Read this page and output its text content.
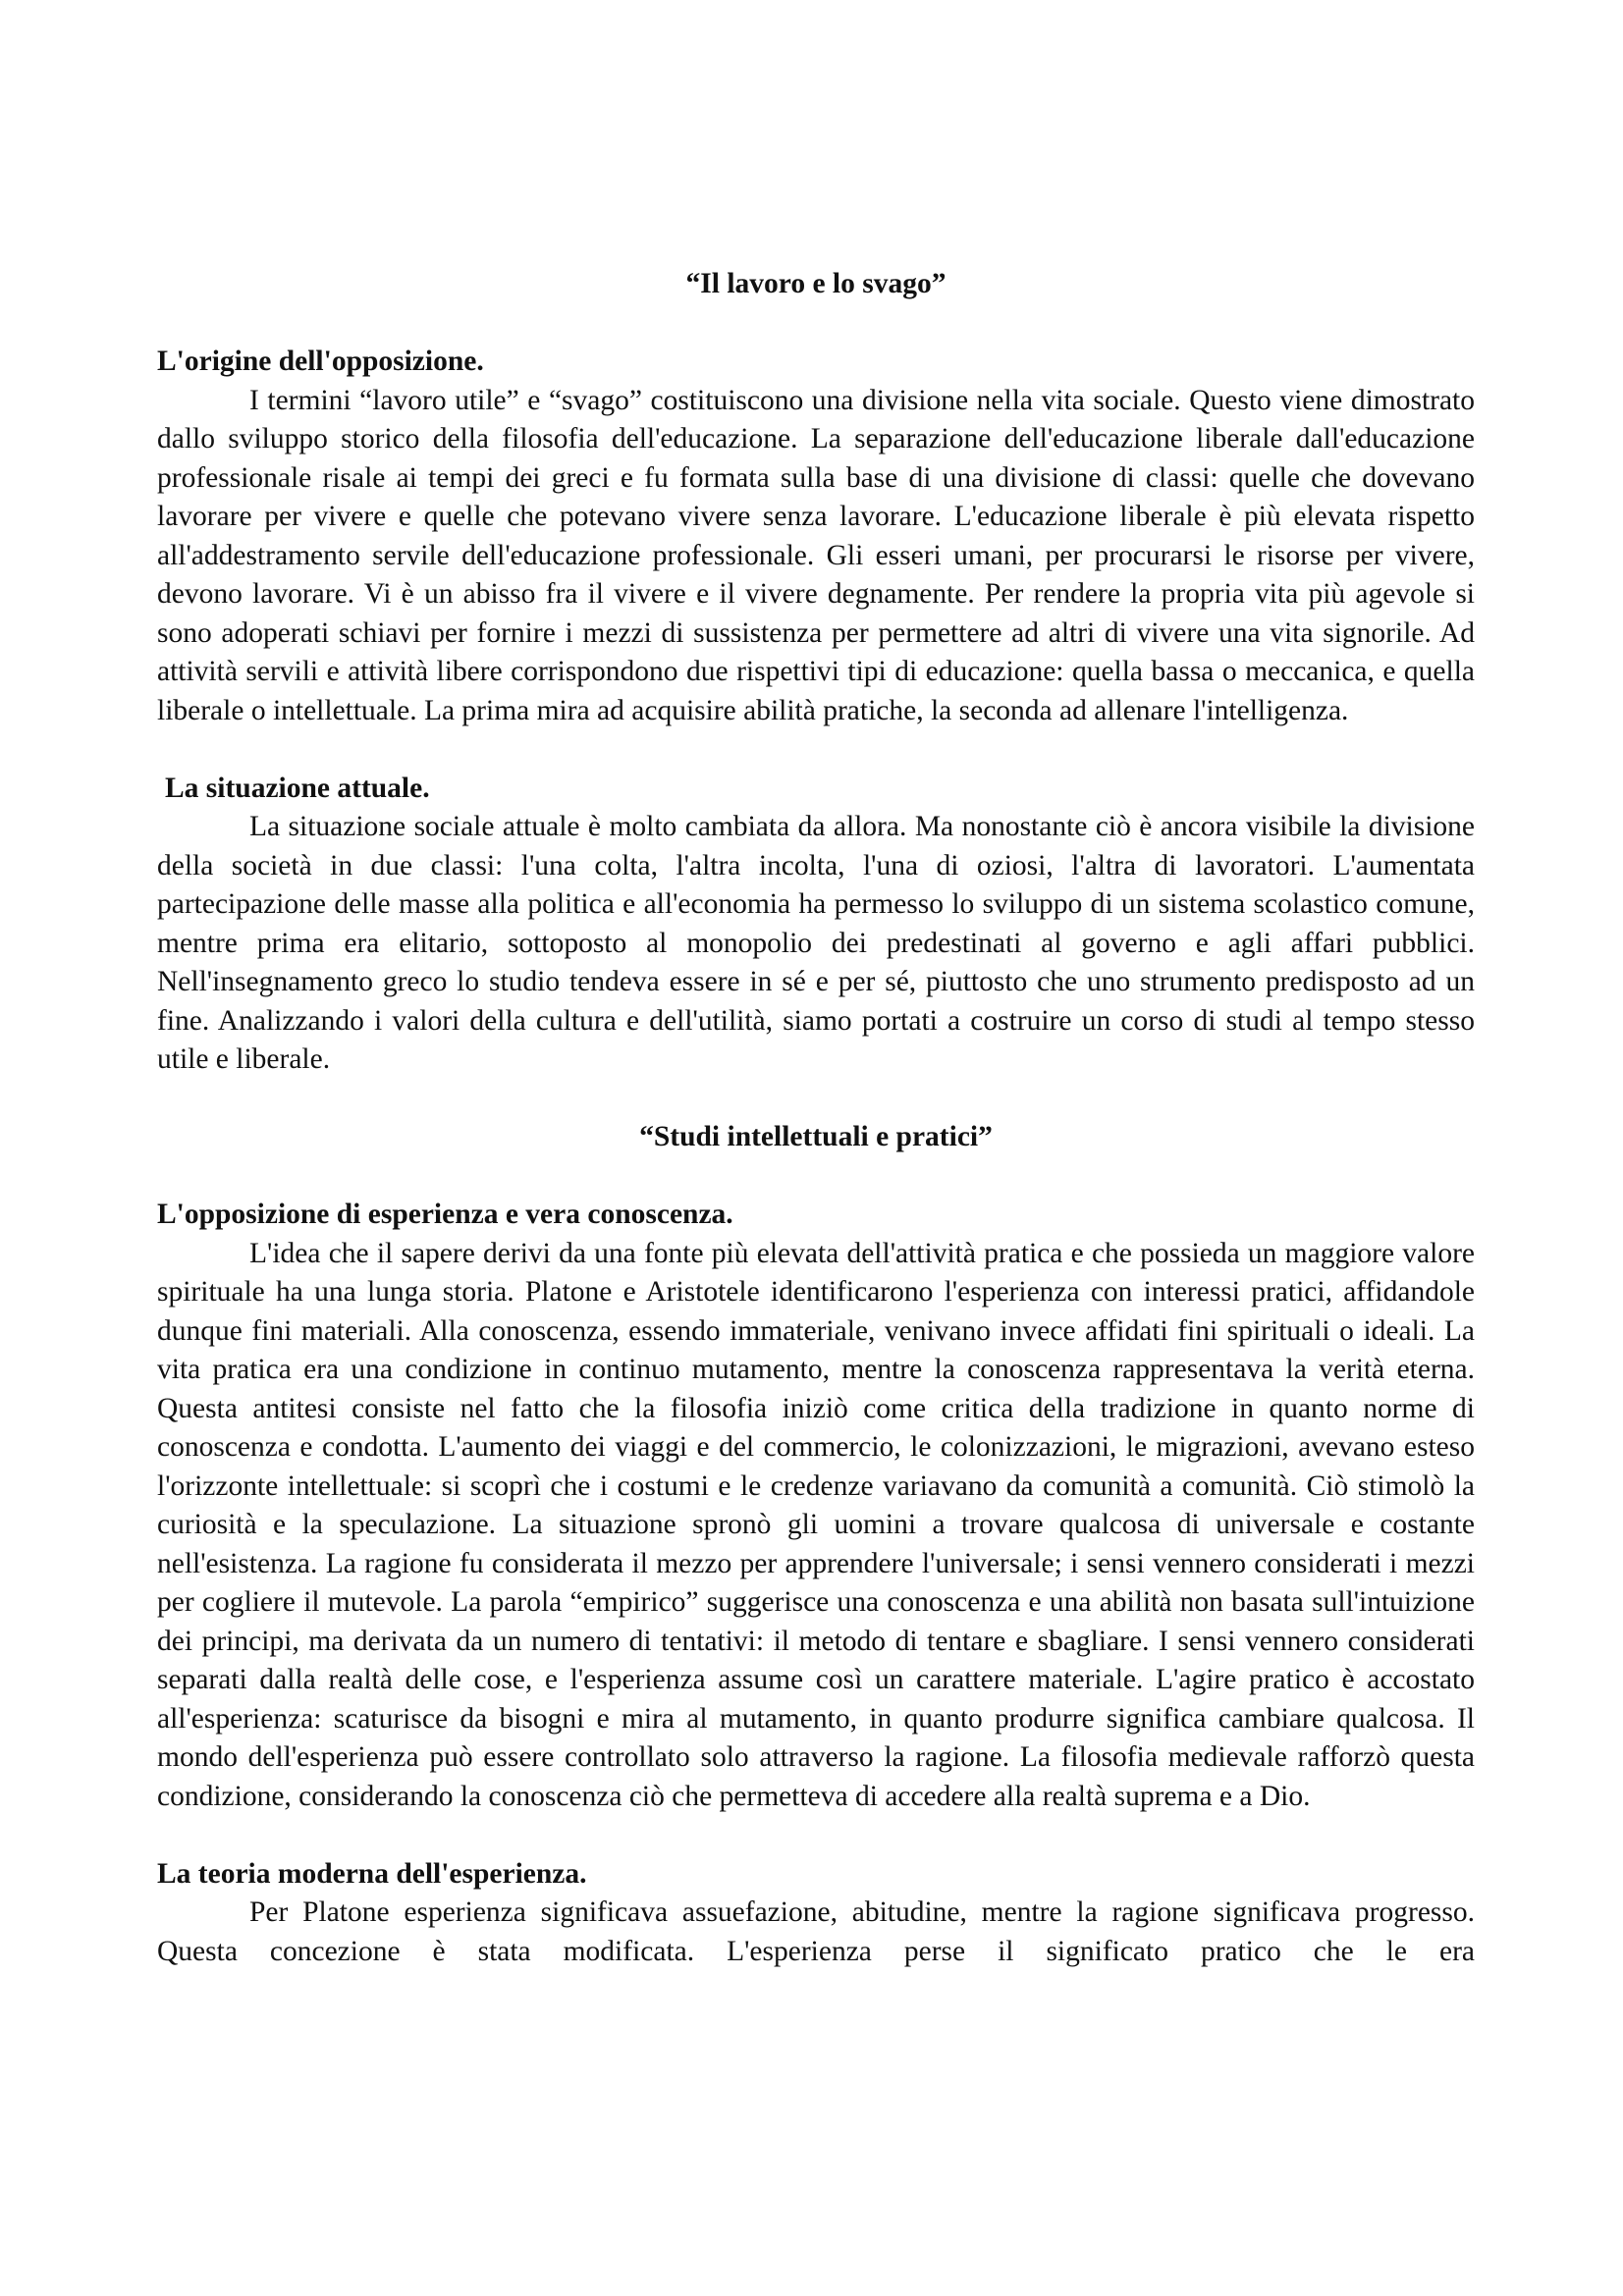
“Il lavoro e lo svago”

L'origine dell'opposizione.

I termini “lavoro utile” e “svago” costituiscono una divisione nella vita sociale. Questo viene dimostrato dallo sviluppo storico della filosofia dell'educazione. La separazione dell'educazione liberale dall'educazione professionale risale ai tempi dei greci e fu formata sulla base di una divisione di classi: quelle che dovevano lavorare per vivere e quelle che potevano vivere senza lavorare. L'educazione liberale è più elevata rispetto all'addestramento servile dell'educazione professionale. Gli esseri umani, per procurarsi le risorse per vivere, devono lavorare. Vi è un abisso fra il vivere e il vivere degnamente. Per rendere la propria vita più agevole si sono adoperati schiavi per fornire i mezzi di sussistenza per permettere ad altri di vivere una vita signorile. Ad attività servili e attività libere corrispondono due rispettivi tipi di educazione: quella bassa o meccanica, e quella liberale o intellettuale. La prima mira ad acquisire abilità pratiche, la seconda ad allenare l'intelligenza.

La situazione attuale.

La situazione sociale attuale è molto cambiata da allora. Ma nonostante ciò è ancora visibile la divisione della società in due classi: l'una colta, l'altra incolta, l'una di oziosi, l'altra di lavoratori. L'aumentata partecipazione delle masse alla politica e all'economia ha permesso lo sviluppo di un sistema scolastico comune, mentre prima era elitario, sottoposto al monopolio dei predestinati al governo e agli affari pubblici. Nell'insegnamento greco lo studio tendeva essere in sé e per sé, piuttosto che uno strumento predisposto ad un fine. Analizzando i valori della cultura e dell'utilità, siamo portati a costruire un corso di studi al tempo stesso utile e liberale.

“Studi intellettuali e pratici”

L'opposizione di esperienza e vera conoscenza.

L'idea che il sapere derivi da una fonte più elevata dell'attività pratica e che possieda un maggiore valore spirituale ha una lunga storia. Platone e Aristotele identificarono l'esperienza con interessi pratici, affidandole dunque fini materiali. Alla conoscenza, essendo immateriale, venivano invece affidati fini spirituali o ideali. La vita pratica era una condizione in continuo mutamento, mentre la conoscenza rappresentava la verità eterna. Questa antitesi consiste nel fatto che la filosofia iniziò come critica della tradizione in quanto norme di conoscenza e condotta. L'aumento dei viaggi e del commercio, le colonizzazioni, le migrazioni, avevano esteso l'orizzonte intellettuale: si scoprì che i costumi e le credenze variavano da comunità a comunità. Ciò stimolò la curiosità e la speculazione. La situazione spronò gli uomini a trovare qualcosa di universale e costante nell'esistenza. La ragione fu considerata il mezzo per apprendere l'universale; i sensi vennero considerati i mezzi per cogliere il mutevole. La parola “empirico” suggerisce una conoscenza e una abilità non basata sull'intuizione dei principi, ma derivata da un numero di tentativi: il metodo di tentare e sbagliare. I sensi vennero considerati separati dalla realtà delle cose, e l'esperienza assume così un carattere materiale. L'agire pratico è accostato all'esperienza: scaturisce da bisogni e mira al mutamento, in quanto produrre significa cambiare qualcosa. Il mondo dell'esperienza può essere controllato solo attraverso la ragione. La filosofia medievale rafforzò questa condizione, considerando la conoscenza ciò che permetteva di accedere alla realtà suprema e a Dio.

La teoria moderna dell'esperienza.

Per Platone esperienza significava assuefazione, abitudine, mentre la ragione significava progresso. Questa concezione è stata modificata. L'esperienza perse il significato pratico che le era
